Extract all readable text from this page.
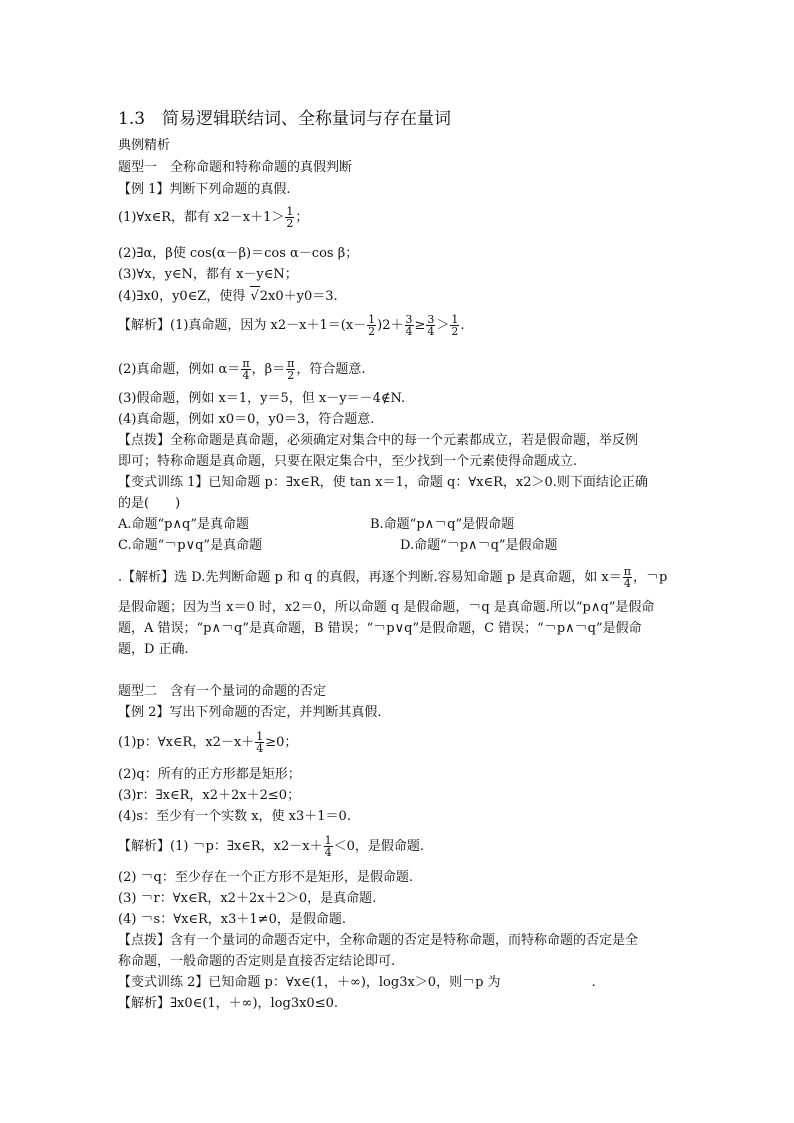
1.3　简易逻辑联结词、全称量词与存在量词
典例精析
题型一　全称命题和特称命题的真假判断
【例 1】判断下列命题的真假.
(1)∀x∈R，都有 $x2-x+1> \frac{1}{2}$ ；
(2)∃α，β使 cos(α－β)＝cos α－cos β；
(3)∀x，y∈N，都有 x－y∈N；
(4)∃x0，y0∈Z，使得 √2x0＋y0＝3.
【解析】(1)真命题，因为 $x2-x+1=(x- \frac{1}{2} )2+ \frac{3}{4} \ge \frac{3}{4} > \frac{1}{2}$ .
(2)真命题，例如 $\alpha= \frac{\pi}{4}$ ，$\beta= \frac{\pi}{2}$ ，符合题意.
(3)假命题，例如 x＝1，y＝5，但 x－y＝－4∉N.
(4)真命题，例如 x0＝0，y0＝3，符合题意.
【点拨】全称命题是真命题，必须确定对集合中的每一个元素都成立，若是假命题，举反例
即可；特称命题是真命题，只要在限定集合中，至少找到一个元素使得命题成立.
【变式训练 1】已知命题 p：∃x∈R，使 tan x＝1，命题 q：∀x∈R，x2＞0.则下面结论正确
的是(　　)
A.命题“p∧q”是真命题	B.命题“p∧￢q”是假命题
C.命题“￢p∨q”是真命题	D.命题“￢p∧￢q”是假命题
.【解析】选 D.先判断命题 p 和 q 的真假，再逐个判断.容易知命题 p 是真命题，如 $x= \frac{\pi}{4}$ ，￢p
是假命题；因为当 x＝0 时，x2＝0，所以命题 q 是假命题，￢q 是真命题.所以“p∧q”是假命
题，A 错误；“p∧￢q”是真命题，B 错误；“￢p∨q”是假命题，C 错误；“￢p∧￢q”是假命
题，D 正确.
题型二　含有一个量词的命题的否定
【例 2】写出下列命题的否定，并判断其真假.
(1)p：∀x∈R，$x2-x+ \frac{1}{4} \ge 0$；
(2)q：所有的正方形都是矩形；
(3)r：∃x∈R，x2＋2x＋2≤0；
(4)s：至少有一个实数 x，使 x3＋1＝0.
【解析】(1) ￢p：∃x∈R，$x2-x+ \frac{1}{4} <0$，是假命题.
(2) ￢q：至少存在一个正方形不是矩形，是假命题.
(3) ￢r：∀x∈R，x2＋2x＋2＞0，是真命题.
(4) ￢s：∀x∈R，x3＋1≠0，是假命题.
【点拨】含有一个量词的命题否定中，全称命题的否定是特称命题，而特称命题的否定是全
称命题，一般命题的否定则是直接否定结论即可.
【变式训练 2】已知命题 p：∀x∈(1，＋∞)，log3x＞0，则￢p 为　　　　　　　.
【解析】∃x0∈(1，＋∞)，log3x0≤0.
